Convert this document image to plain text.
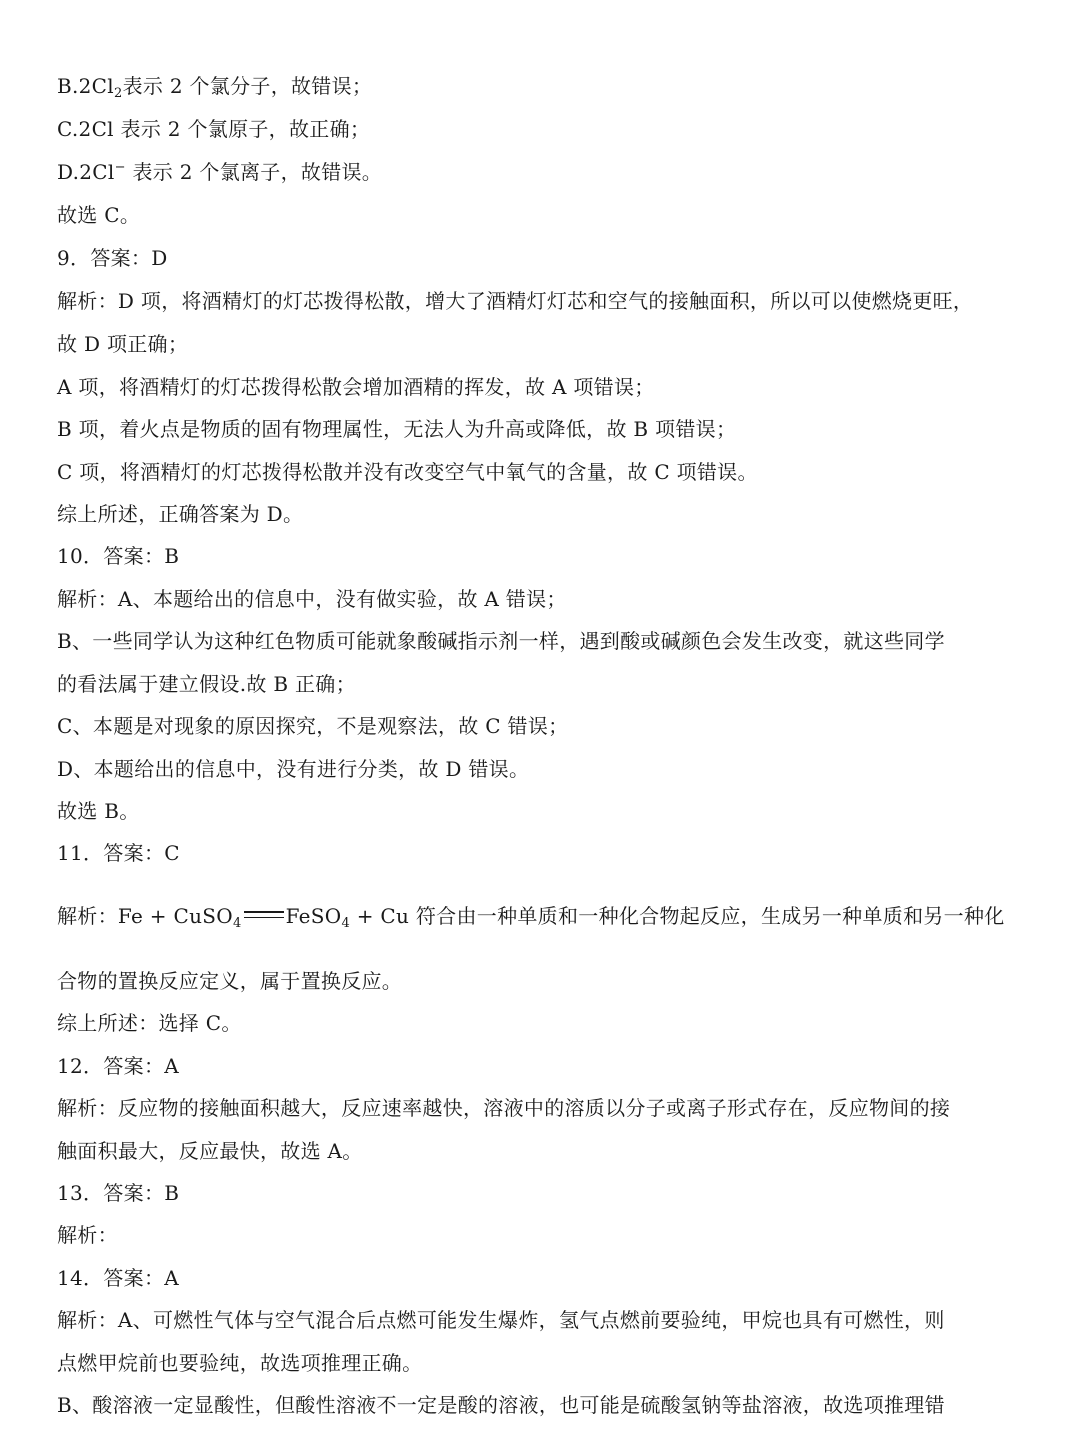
$B.2Cl_2$表示 2 个氯分子，故错误；
C.2Cl 表示 2 个氯原子，故正确；
D.2Cl− 表示 2 个氯离子，故错误。
故选 C。
9．答案：D
解析：D 项，将酒精灯的灯芯拨得松散，增大了酒精灯灯芯和空气的接触面积，所以可以使燃烧更旺，
故 D 项正确；
A 项，将酒精灯的灯芯拨得松散会增加酒精的挥发，故 A 项错误；
B 项，着火点是物质的固有物理属性，无法人为升高或降低，故 B 项错误；
C 项，将酒精灯的灯芯拨得松散并没有改变空气中氧气的含量，故 C 项错误。
综上所述，正确答案为 D。
10．答案：B
解析：A、本题给出的信息中，没有做实验，故 A 错误；
B、一些同学认为这种红色物质可能就象酸碱指示剂一样，遇到酸或碱颜色会发生改变，就这些同学
的看法属于建立假设.故 B 正确；
C、本题是对现象的原因探究，不是观察法，故 C 错误；
D、本题给出的信息中，没有进行分类，故 D 错误。
故选 B。
11．答案：C
解析：Fe + CuSO$_4$ FeSO$_4$ + Cu 符合由一种单质和一种化合物起反应，生成另一种单质和另一种化
合物的置换反应定义，属于置换反应。
综上所述：选择 C。
12．答案：A
解析：反应物的接触面积越大，反应速率越快，溶液中的溶质以分子或离子形式存在，反应物间的接
触面积最大，反应最快，故选 A。
13．答案：B
解析：
14．答案：A
解析：A、可燃性气体与空气混合后点燃可能发生爆炸，氢气点燃前要验纯，甲烷也具有可燃性，则
点燃甲烷前也要验纯，故选项推理正确。
B、酸溶液一定显酸性，但酸性溶液不一定是酸的溶液，也可能是硫酸氢钠等盐溶液，故选项推理错
